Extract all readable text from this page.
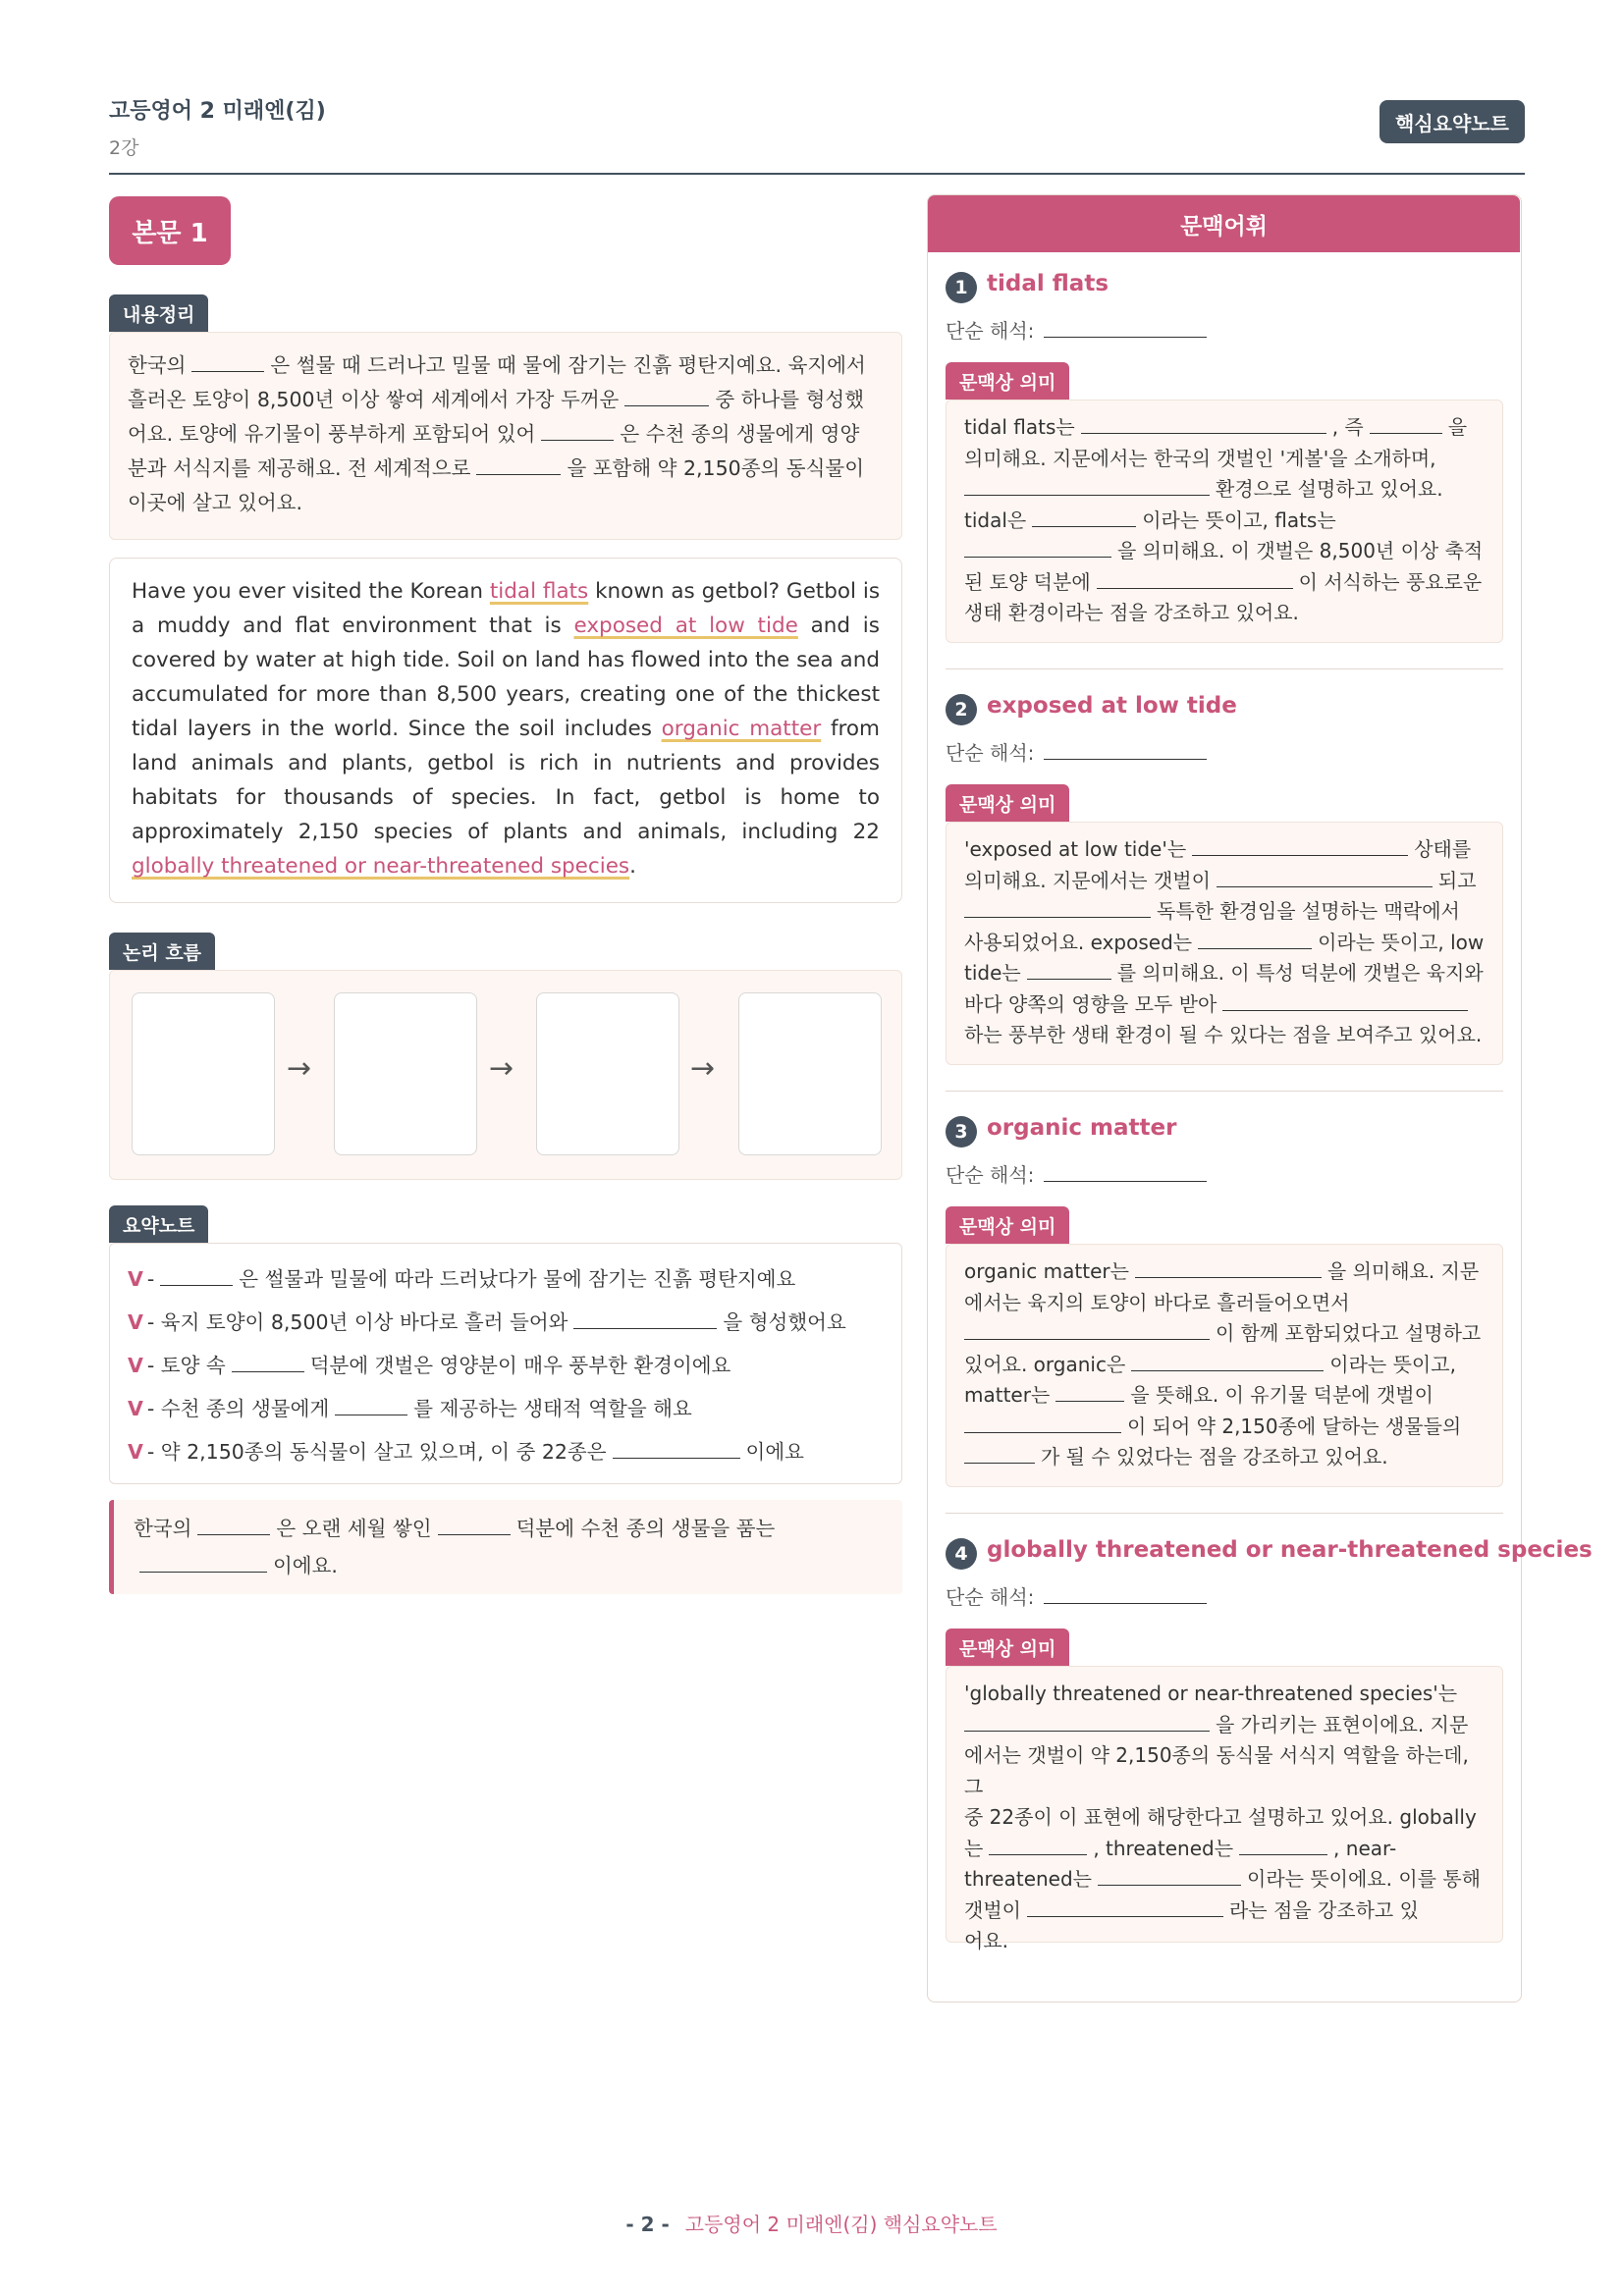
고등영어 2 미래엔(김)
2강
핵심요약노트
본문 1
내용정리
한국의	은 썰물 때 드러나고 밀물 때 물에 잠기는 진흙 평탄지예요. 육지에서
흘러온 토양이 8,500년 이상 쌓여 세계에서 가장 두꺼운	중 하나를 형성했
어요. 토양에 유기물이 풍부하게 포함되어 있어	은 수천 종의 생물에게 영양
분과 서식지를 제공해요. 전 세계적으로	을 포함해 약 2,150종의 동식물이
이곳에 살고 있어요.
Have you ever visited the Korean tidal flats known as getbol? Getbol is a muddy and flat environment that is exposed at low tide and is covered by water at high tide. Soil on land has flowed into the sea and accumulated for more than 8,500 years, creating one of the thickest tidal layers in the world. Since the soil includes organic matter from land animals and plants, getbol is rich in nutrients and provides habitats for thousands of species. In fact, getbol is home to approximately 2,150 species of plants and animals, including 22 globally threatened or near-threatened species.
논리 흐름
→	→	→
요약노트
V -	은 썰물과 밀물에 따라 드러났다가 물에 잠기는 진흙 평탄지예요
V - 육지 토양이 8,500년 이상 바다로 흘러 들어와	을 형성했어요
V - 토양 속	덕분에 갯벌은 영양분이 매우 풍부한 환경이에요
V - 수천 종의 생물에게	를 제공하는 생태적 역할을 해요
V - 약 2,150종의 동식물이 살고 있으며, 이 중 22종은	이에요
한국의	은 오랜 세월 쌓인	덕분에 수천 종의 생물을 품는
이에요.
문맥어휘
1 tidal flats
단순 해석:
문맥상 의미
tidal flats는	, 즉	을
의미해요. 지문에서는 한국의 갯벌인 '게볼'을 소개하며,
환경으로 설명하고 있어요.
tidal은	이라는 뜻이고, flats는
을 의미해요. 이 갯벌은 8,500년 이상 축적
된 토양 덕분에	이 서식하는 풍요로운
생태 환경이라는 점을 강조하고 있어요.
2 exposed at low tide
단순 해석:
문맥상 의미
'exposed at low tide'는	상태를
의미해요. 지문에서는 갯벌이	되고
독특한 환경임을 설명하는 맥락에서
사용되었어요. exposed는	이라는 뜻이고, low
tide는	를 의미해요. 이 특성 덕분에 갯벌은 육지와
바다 양쪽의 영향을 모두 받아
하는 풍부한 생태 환경이 될 수 있다는 점을 보여주고 있어요.
3 organic matter
단순 해석:
문맥상 의미
organic matter는	을 의미해요. 지문
에서는 육지의 토양이 바다로 흘러들어오면서
이 함께 포함되었다고 설명하고
있어요. organic은	이라는 뜻이고,
matter는	을 뜻해요. 이 유기물 덕분에 갯벌이
이 되어 약 2,150종에 달하는 생물들의
가 될 수 있었다는 점을 강조하고 있어요.
4 globally threatened or near-threatened species
단순 해석:
문맥상 의미
'globally threatened or near-threatened species'는
을 가리키는 표현이에요. 지문
에서는 갯벌이 약 2,150종의 동식물 서식지 역할을 하는데, 그
중 22종이 이 표현에 해당한다고 설명하고 있어요. globally
는	, threatened는	, near-
threatened는	이라는 뜻이에요. 이를 통해
갯벌이	라는 점을 강조하고 있
어요.
- 2 - 고등영어 2 미래엔(김) 핵심요약노트
